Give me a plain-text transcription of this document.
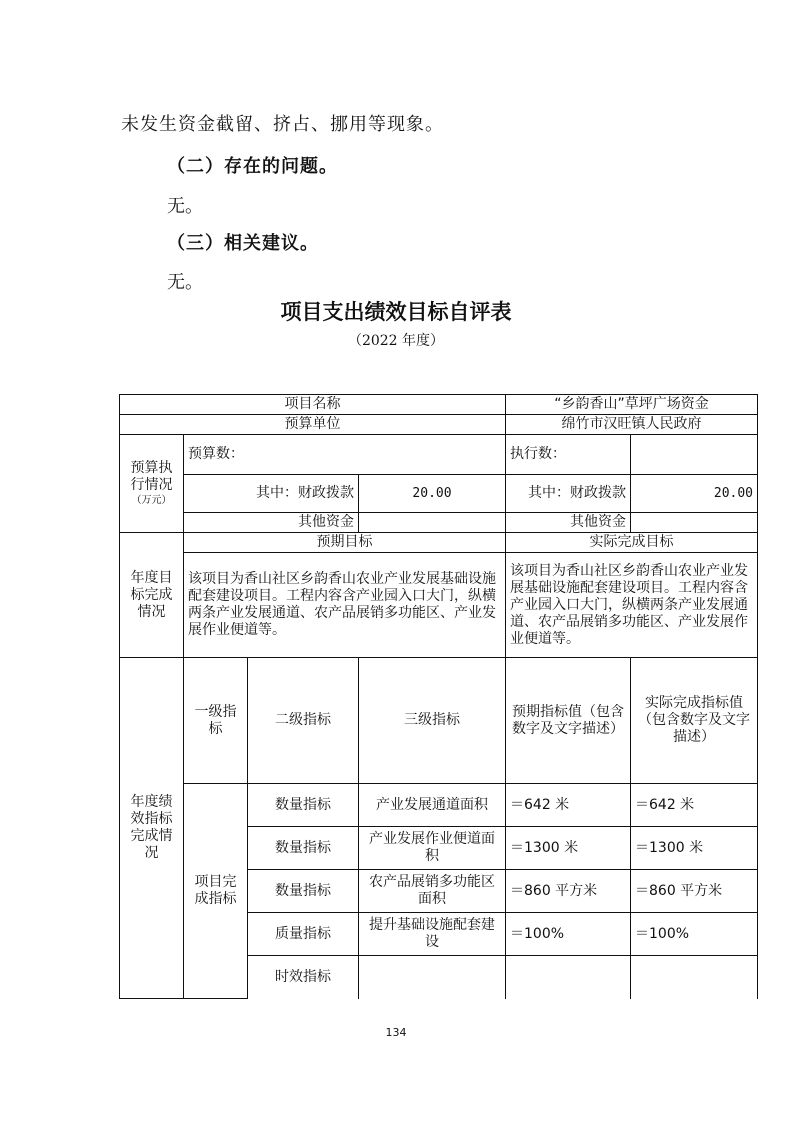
未发生资金截留、挤占、挪用等现象。
（二）存在的问题。
无。
（三）相关建议。
无。
项目支出绩效目标自评表
（2022 年度）
项目名称				“乡韵香山”草坪广场资金	
预算单位				绵竹市汉旺镇人民政府	
预算执行情况
（万元）	预算数：			执行数：	
	其中：财政拨款		20.00	其中：财政拨款	20.00
	其他资金			其他资金	
年度目标完成情况	预期目标			实际完成目标	
	该项目为香山社区乡韵香山农业产业发展基础设施配套建设项目。工程内容含产业园入口大门，纵横两条产业发展通道、农产品展销多功能区、产业发展作业便道等。			该项目为香山社区乡韵香山农业产业发展基础设施配套建设项目。工程内容含产业园入口大门，纵横两条产业发展通道、农产品展销多功能区、产业发展作业便道等。	
年度绩效指标完成情况	一级指标	二级指标	三级指标	预期指标值（包含数字及文字描述）	实际完成指标值（包含数字及文字描述）
	项目完成指标	数量指标	产业发展通道面积	＝642 米	＝642 米
		数量指标	产业发展作业便道面积	＝1300 米	＝1300 米
		数量指标	农产品展销多功能区面积	＝860 平方米	＝860 平方米
		质量指标	提升基础设施配套建设	＝100%	＝100%
		时效指标			
134
